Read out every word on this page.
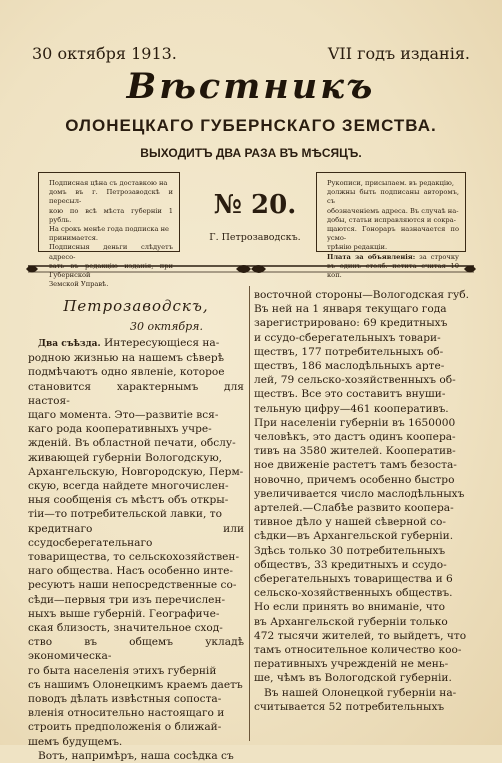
30 октября 1913.	VII годъ изданія.
Вѣстникъ
ОЛОНЕЦКАГО ГУБЕРНСКАГО ЗЕМСТВА.
ВЫХОДИТЪ ДВА РАЗА ВЪ МѢСЯЦЪ.
Подписная цѣна съ доставкою на
домъ въ г. Петрозаводскѣ и пересыл-
кою по всѣ мѣста губерніи 1 рубль.
На срокъ менѣе года подписка не
принимается.
Подписныя деньги слѣдуетъ адресо-
вать въ редакцію изданія, при Губернской
Земской Управѣ.
№ 20.
Г. Петрозаводскъ.
Рукописи, присылаем. въ редакцію,
должны быть подписаны авторомъ, съ
обозначеніемъ адреса. Въ случаѣ на-
добы, статьи исправляются и сокра-
щаются. Гонораръ назначается по усмо-
трѣнію редакціи.
Плата за объявленія: за строчку въ одинъ столб. петита считая 10 коп.
Петрозаводскъ,
30 октября.
Два съѣзда. Интересующіеся на-
родною жизнью на нашемъ сѣверѣ
подмѣчаютъ одно явленіе, которое
становится характернымъ для настоя-
щаго момента. Это—развитіе вся-
каго рода кооперативныхъ учре-
жденій. Въ областной печати, обслу-
живающей губерніи Вологодскую,
Архангельскую, Новгородскую, Перм-
скую, всегда найдете многочислен-
ныя сообщенія съ мѣстъ объ откры-
тіи—то потребительской лавки, то
кредитнаго или ссудосберегательнаго
товарищества, то сельскохозяйствен-
наго общества. Насъ особенно инте-
ресуютъ наши непосредственные со-
сѣди—первыя три изъ перечислен-
ныхъ выше губерній. Географиче-
ская близость, значительное сход-
ство въ общемъ укладѣ экономическа-
го быта населенія этихъ губерній
съ нашимъ Олонецкимъ краемъ даетъ
поводъ дѣлать извѣстныя сопоста-
вленія относительно настоящаго и
строить предположенія о ближай-
шемъ будущемъ.
Вотъ, напримѣръ, наша сосѣдка съ
восточной стороны—Вологодская губ.
Въ ней на 1 января текущаго года
зарегистрировано: 69 кредитныхъ
и ссудо-сберегательныхъ товари-
ществъ, 177 потребительныхъ об-
ществъ, 186 маслодѣльныхъ арте-
лей, 79 сельско-хозяйственныхъ об-
ществъ. Все это составитъ внуши-
тельную цифру—461 кооперативъ.
При населеніи губерніи въ 1650000
человѣкъ, это дастъ одинъ коопера-
тивъ на 3580 жителей. Кооператив-
ное движеніе растетъ тамъ безоста-
новочно, причемъ особенно быстро
увеличивается число маслодѣльныхъ
артелей.—Слабѣе развито коопера-
тивное дѣло у нашей сѣверной со-
сѣдки—въ Архангельской губерніи.
Здѣсь только 30 потребительныхъ
обществъ, 33 кредитныхъ и ссудо-
сберегательныхъ товарищества и 6
сельско-хозяйственныхъ обществъ.
Но если принять во вниманіе, что
въ Архангельской губерніи только
472 тысячи жителей, то выйдетъ, что
тамъ относительное количество коо-
перативныхъ учрежденій не мень-
ше, чѣмъ въ Вологодской губерніи.
Въ нашей Олонецкой губерніи на-
считывается 52 потребительныхъ
